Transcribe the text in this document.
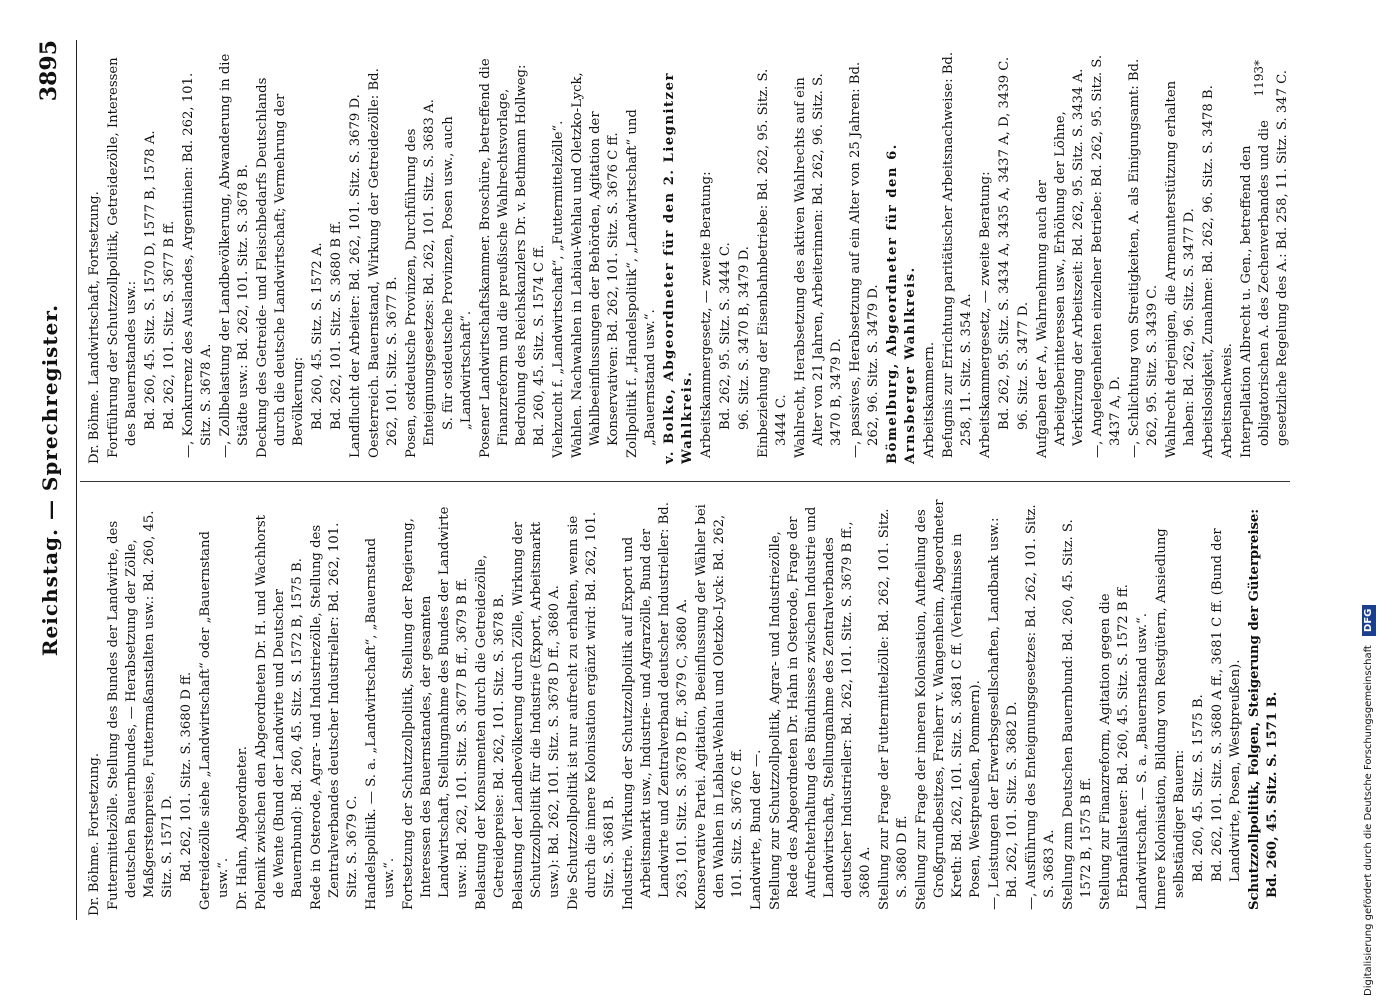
Reichstag. — Sprechregister.
3895
Dr. Böhme. Fortsetzung. Futtermittelzölle. Stellung des Bundes der Landwirte, des deutschen Bauernbundes, — Herabsetzung der Zölle, Maßgerstenpreise, Futtermaßanstalten usw.: Bd. 260, 45. Sitz. S. 1571 D. Bd. 262, 101. Sitz. S. 3680 D ff. Getreidezölle siehe „Landwirtschaft“ oder „Bauernstand usw.“. Dr. Hahn, Abgeordneter. Polemik zwischen den Abgeordneten Dr. H. und Wachhorst de Wente (Bund der Landwirte und Deutscher Bauernbund): Bd. 260, 45. Sitz. S. 1572 B, 1575 B. Rede in Osterode, Agrar- und Industriezölle, Stellung des Zentralverbandes deutscher Industrieller: Bd. 262, 101. Sitz. S. 3679 C. Handelspolitik. — S. a. „Landwirtschaft“, „Bauernstand usw.“. Fortsetzung der Schutzzollpolitik, Stellung der Regierung, Interessen des Bauernstandes, der gesamten Landwirtschaft, Stellungnahme des Bundes der Landwirte usw.: Bd. 262, 101. Sitz. S. 3677 B ff., 3679 B ff. Belastung der Konsumenten durch die Getreidezölle, Getreidepreise: Bd. 262, 101. Sitz. S. 3678 B. Belastung der Landbevölkerung durch Zölle, Wirkung der Schutzzollpolitik für die Industrie (Export, Arbeitsmarkt usw.): Bd. 262, 101. Sitz. S. 3678 D ff., 3680 A. Die Schutzzollpolitik ist nur aufrecht zu erhalten, wenn sie durch die innere Kolonisation ergänzt wird: Bd. 262, 101. Sitz. S. 3681 B. Industrie. Wirkung der Schutzzollpolitik auf Export und Arbeitsmarkt usw., Industrie- und Agrarzölle, Bund der Landwirte und Zentralverband deutscher Industrieller: Bd. 263, 101. Sitz. S. 3678 D ff., 3679 C, 3680 A. Konservative Partei. Agitation, Beeinflussung der Wähler bei den Wahlen in Lablau-Wehlau und Oletzko-Lyck: Bd. 262, 101. Sitz. S. 3676 C ff. Landwirte, Bund der —. Stellung zur Schutzzollpolitik, Agrar- und Industriezölle, Rede des Abgeordneten Dr. Hahn in Osterode, Frage der Aufrechterhaltung des Bündnisses zwischen Industrie und Landwirtschaft, Stellungnahme des Zentralverbandes deutscher Industrieller: Bd. 262, 101. Sitz. S. 3679 B ff., 3680 A. Stellung zur Frage der Futtermittelzölle: Bd. 262, 101. Sitz. S. 3680 D ff. Stellung zur Frage der inneren Kolonisation, Aufteilung des Großgrundbesitzes, Freiherr v. Wangenheim, Abgeordneter Kreth: Bd. 262, 101. Sitz. S. 3681 C ff. (Verhältnisse in Posen, Westpreußen, Pommern). —, Leistungen der Erwerbsgesellschaften, Landbank usw.: Bd. 262, 101. Sitz. S. 3682 D. —, Ausführung des Enteignungsgesetzes: Bd. 262, 101. Sitz. S. 3683 A. Stellung zum Deutschen Bauernbund: Bd. 260, 45. Sitz. S. 1572 B, 1575 B ff. Stellung zur Finanzreform, Agitation gegen die Erbanfallsteuer: Bd. 260, 45. Sitz. S. 1572 B ff. Landwirtschaft. — S. a. „Bauernstand usw.“. Innere Kolonisation, Bildung von Restgütern, Ansiedlung selbständiger Bauern: Bd. 260, 45. Sitz. S. 1575 B. Bd. 262, 101. Sitz. S. 3680 A ff., 3681 C ff. (Bund der Landwirte, Posen, Westpreußen). Schutzzollpolitik, Folgen, Steigerung der Güterpreise: Bd. 260, 45. Sitz. S. 1571 B.
Dr. Böhme. Landwirtschaft, Fortsetzung. Fortführung der Schutzzollpolitik, Getreidezölle, Interessen des Bauernstandes usw.: Bd. 260, 45. Sitz. S. 1570 D, 1577 B, 1578 A. Bd. 262, 101. Sitz. S. 3677 B ff. —, Konkurrenz des Auslandes, Argentinien: Bd. 262, 101. Sitz. S. 3678 A. —, Zollbelastung der Landbevölkerung, Abwanderung in die Städte usw.: Bd. 262, 101. Sitz. S. 3678 B. Deckung des Getreide- und Fleischbedarfs Deutschlands durch die deutsche Landwirtschaft; Vermehrung der Bevölkerung: Bd. 260, 45. Sitz. S. 1572 A. Bd. 262, 101. Sitz. S. 3680 B ff. Landflucht der Arbeiter: Bd. 262, 101. Sitz. S. 3679 D. Oesterreich. Bauernstand, Wirkung der Getreidezölle: Bd. 262, 101. Sitz. S. 3677 B. Posen, ostdeutsche Provinzen, Durchführung des Enteignungsgesetzes: Bd. 262, 101. Sitz. S. 3683 A. S. für ostdeutsche Provinzen, Posen usw., auch „Landwirtschaft“. Posener Landwirtschaftskammer. Broschüre, betreffend die Finanzreform und die preußische Wahlrechtsvorlage, Bedrohung des Reichskanzlers Dr. v. Bethmann Hollweg: Bd. 260, 45. Sitz. S. 1574 C ff. Viehzucht f. „Landwirtschaft“, „Futtermittelzölle“. Wahlen. Nachwahlen in Labiau-Wehlau und Oletzko-Lyck, Wahlbeeinflussungen der Behörden, Agitation der Konservativen: Bd. 262, 101. Sitz. S. 3676 C ff. Zollpolitik f. „Handelspolitik“, „Landwirtschaft“ und „Bauernstand usw.“. v. Bolko, Abgeordneter für den 2. Liegnitzer Wahlkreis. Arbeitskammergesetz, — zweite Beratung: Bd. 262, 95. Sitz. S. 3444 C. 96. Sitz. S. 3470 B, 3479 D. Einbeziehung der Eisenbahnbetriebe: Bd. 262, 95. Sitz. S. 3444 C. Wahlrecht, Herabsetzung des aktiven Wahlrechts auf ein Alter von 21 Jahren, Arbeiterinnen: Bd. 262, 96. Sitz. S. 3470 B, 3479 D. —, passives, Herabsetzung auf ein Alter von 25 Jahren: Bd. 262, 96. Sitz. S. 3479 D. Bömelburg, Abgeordneter für den 6. Arnsberger Wahlkreis. Arbeitskammern. Befugnis zur Errichtung paritätischer Arbeitsnachweise: Bd. 258, 11. Sitz. S. 354 A. Arbeitskammergesetz, — zweite Beratung: Bd. 262, 95. Sitz. S. 3434 A, 3435 A, 3437 A, D, 3439 C. 96. Sitz. S. 3477 D. Aufgaben der A., Wahrnehmung auch der Arbeitgeberinteressen usw., Erhöhung der Löhne, Verkürzung der Arbeitszeit: Bd. 262, 95. Sitz. S. 3434 A. —, Angelegenheiten einzelner Betriebe: Bd. 262, 95. Sitz. S. 3437 A, D. —, Schlichtung von Streitigkeiten, A. als Einigungsamt: Bd. 262, 95. Sitz. S. 3439 C. Wahlrecht derjenigen, die Armenunterstützung erhalten haben: Bd. 262, 96. Sitz. S. 3477 D. Arbeitslosigkeit, Zunahme: Bd. 262, 96. Sitz. S. 3478 B. Arbeitsnachweis. Interpellation Albrecht u. Gen., betreffend den obligatorischen A. des Zechenverbandes und die gesetzliche Regelung des A.: Bd. 258, 11. Sitz. S. 347 C.
1193*
Digitalisierung gefördert durch die Deutsche Forschungsgemeinschaft DFG
